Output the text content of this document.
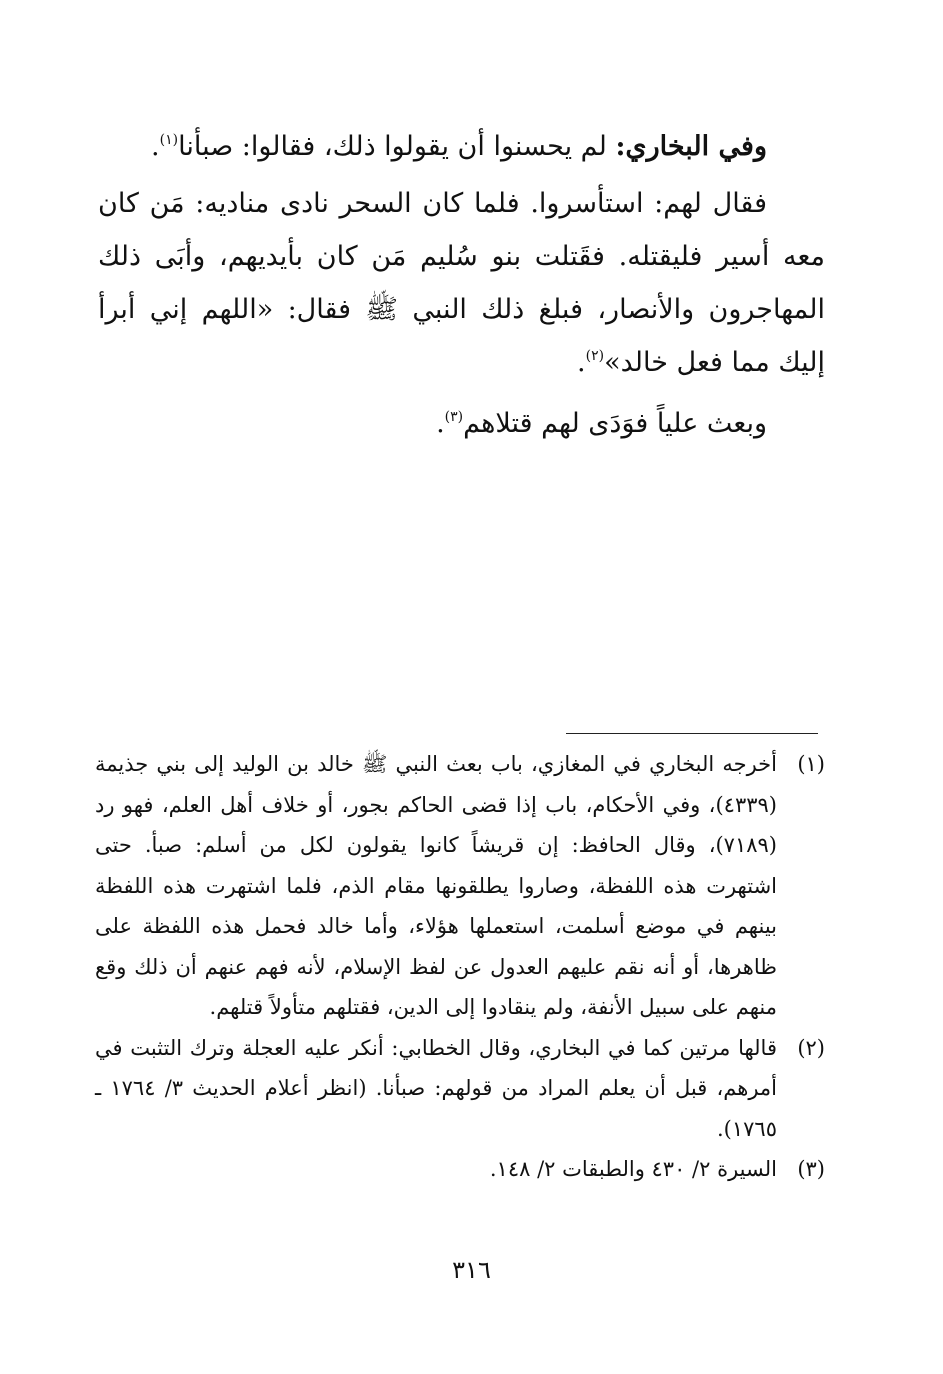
وفي البخاري: لم يحسنوا أن يقولوا ذلك، فقالوا: صبأنا$^{(١)}$.

فقال لهم: استأسروا. فلما كان السحر نادى مناديه: مَن كان معه أسير فليقتله. فقَتلت بنو سُليم مَن كان بأيديهم، وأبَى ذلك المهاجرون والأنصار، فبلغ ذلك النبي ﷺ فقال: «اللهم إني أبرأ إليك مما فعل خالد»$^{(٢)}$.

وبعث علياً فوَدَى لهم قتلاهم$^{(٣)}$.

(١)
أخرجه البخاري في المغازي، باب بعث النبي ﷺ خالد بن الوليد إلى بني جذيمة (٤٣٣٩)، وفي الأحكام، باب إذا قضى الحاكم بجور، أو خلاف أهل العلم، فهو رد (٧١٨٩)، وقال الحافظ: إن قريشاً كانوا يقولون لكل من أسلم: صبأ. حتى اشتهرت هذه اللفظة، وصاروا يطلقونها مقام الذم، فلما اشتهرت هذه اللفظة بينهم في موضع أسلمت، استعملها هؤلاء، وأما خالد فحمل هذه اللفظة على ظاهرها، أو أنه نقم عليهم العدول عن لفظ الإسلام، لأنه فهم عنهم أن ذلك وقع منهم على سبيل الأنفة، ولم ينقادوا إلى الدين، فقتلهم متأولاً قتلهم.
(٢)
قالها مرتين كما في البخاري، وقال الخطابي: أنكر عليه العجلة وترك التثبت في أمرهم، قبل أن يعلم المراد من قولهم: صبأنا. (انظر أعلام الحديث ٣/ ١٧٦٤ ـ ١٧٦٥).
(٣)
السيرة ٢/ ٤٣٠ والطبقات ٢/ ١٤٨.
٣١٦
